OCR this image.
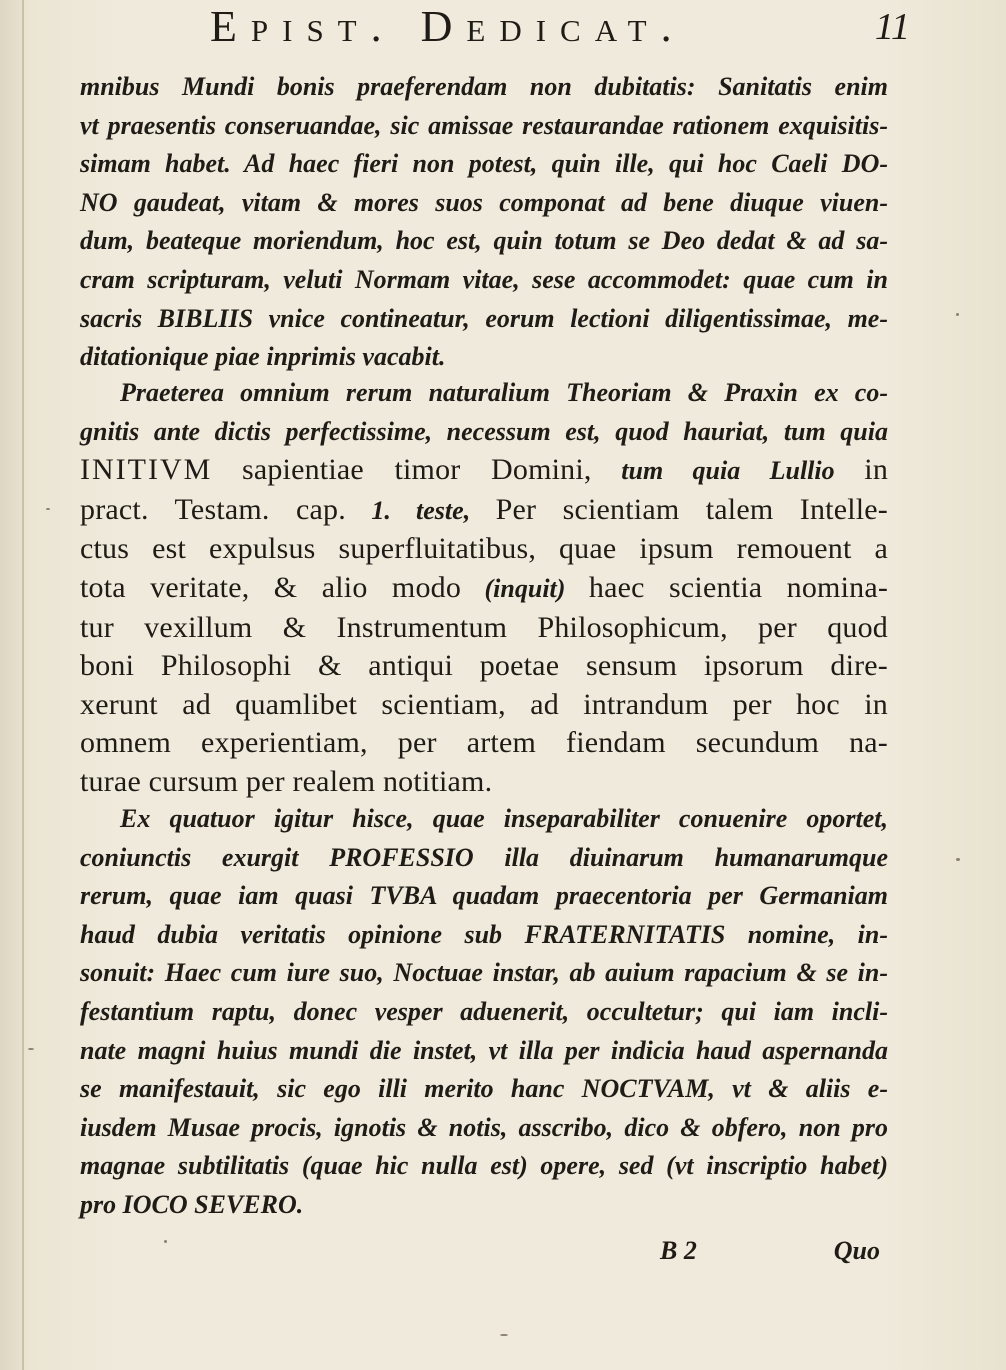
Epist. Dedicat.	11
mnibus Mundi bonis praeferendam non dubitatis: Sanitatis enim
vt praesentis conseruandae, sic amissae restaurandae rationem exquisitis-
simam habet. Ad haec fieri non potest, quin ille, qui hoc Caeli DO-
NO gaudeat, vitam & mores suos componat ad bene diuque viuen-
dum, beateque moriendum, hoc est, quin totum se Deo dedat & ad sa-
cram scripturam, veluti Normam vitae, sese accommodet: quae cum in
sacris BIBLIIS vnice contineatur, eorum lectioni diligentissimae, me-
ditationique piae inprimis vacabit.
Praeterea omnium rerum naturalium Theoriam & Praxin ex co-
gnitis ante dictis perfectissime, necessum est, quod hauriat, tum quia
INITIVM sapientiae timor Domini, tum quia Lullio in
pract. Testam. cap. 1. teste, Per scientiam talem Intelle-
ctus est expulsus superfluitatibus, quae ipsum remouent a
tota veritate, & alio modo (inquit) haec scientia nomina-
tur vexillum & Instrumentum Philosophicum, per quod
boni Philosophi & antiqui poetae sensum ipsorum dire-
xerunt ad quamlibet scientiam, ad intrandum per hoc in
omnem experientiam, per artem fiendam secundum na-
turae cursum per realem notitiam.
Ex quatuor igitur hisce, quae inseparabiliter conuenire oportet,
coniunctis exurgit PROFESSIO illa diuinarum humanarumque
rerum, quae iam quasi TVBA quadam praecentoria per Germaniam
haud dubia veritatis opinione sub FRATERNITATIS nomine, in-
sonuit: Haec cum iure suo, Noctuae instar, ab auium rapacium & se in-
festantium raptu, donec vesper aduenerit, occultetur; qui iam incli-
nate magni huius mundi die instet, vt illa per indicia haud aspernanda
se manifestauit, sic ego illi merito hanc NOCTVAM, vt & aliis e-
iusdem Musae procis, ignotis & notis, asscribo, dico & obfero, non pro
magnae subtilitatis (quae hic nulla est) opere, sed (vt inscriptio habet)
pro IOCO SEVERO.
B 2	Quo
